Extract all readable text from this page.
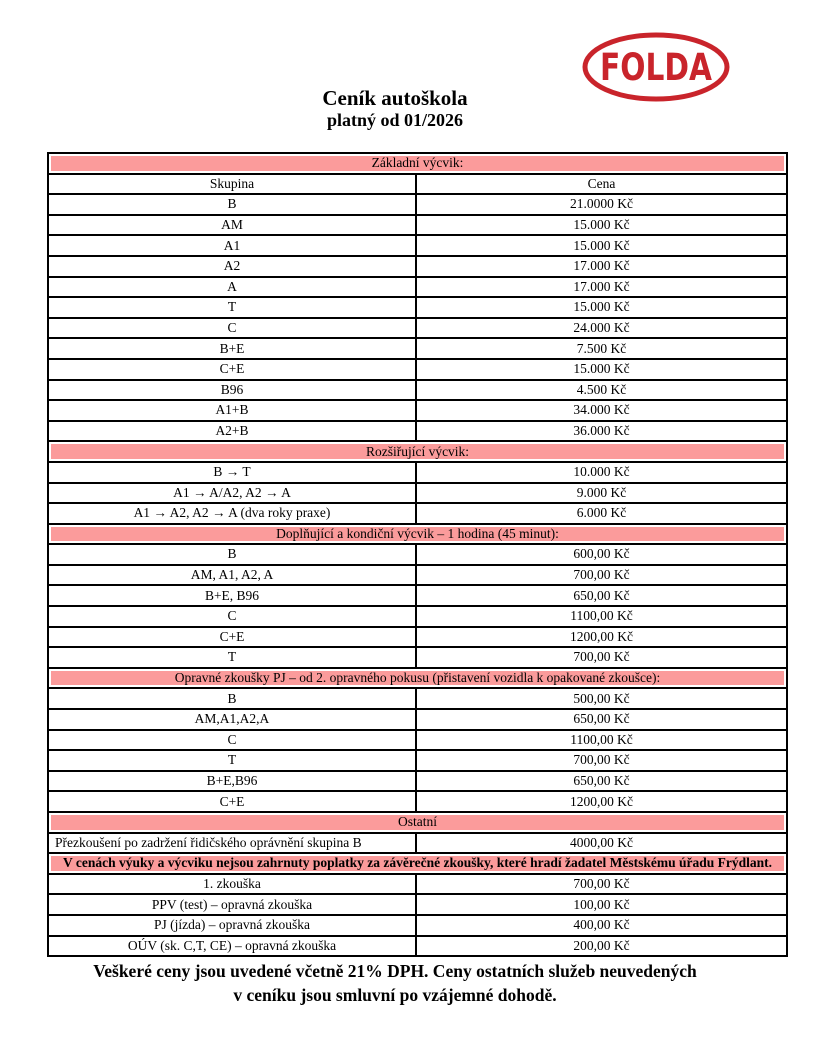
FOLDA
Ceník autoškola
platný od 01/2026
Základní výcvik:	
Skupina	Cena
B	21.0000 Kč
AM	15.000 Kč
A1	15.000 Kč
A2	17.000 Kč
A	17.000 Kč
T	15.000 Kč
C	24.000 Kč
B+E	7.500 Kč
C+E	15.000 Kč
B96	4.500 Kč
A1+B	34.000 Kč
A2+B	36.000 Kč
Rozšiřující výcvik:	
B → T	10.000 Kč
A1 → A/A2, A2 → A	9.000 Kč
A1 → A2, A2 → A (dva roky praxe)	6.000 Kč
Doplňující a kondiční výcvik – 1 hodina (45 minut):	
B	600,00 Kč
AM, A1, A2, A	700,00 Kč
B+E, B96	650,00 Kč
C	1100,00 Kč
C+E	1200,00 Kč
T	700,00 Kč
Opravné zkoušky PJ – od 2. opravného pokusu (přistavení vozidla k opakované zkoušce):	
B	500,00 Kč
AM,A1,A2,A	650,00 Kč
C	1100,00 Kč
T	700,00 Kč
B+E,B96	650,00 Kč
C+E	1200,00 Kč
Ostatní	
Přezkoušení po zadržení řidičského oprávnění skupina B	4000,00 Kč
V cenách výuky a výcviku nejsou zahrnuty poplatky za závěrečné zkoušky, které hradí žadatel Městskému úřadu Frýdlant.	
1. zkouška	700,00 Kč
PPV (test) – opravná zkouška	100,00 Kč
PJ (jízda) – opravná zkouška	400,00 Kč
OÚV (sk. C,T, CE) – opravná zkouška	200,00 Kč
Veškeré ceny jsou uvedené včetně 21% DPH. Ceny ostatních služeb neuvedených
v ceníku jsou smluvní po vzájemné dohodě.
